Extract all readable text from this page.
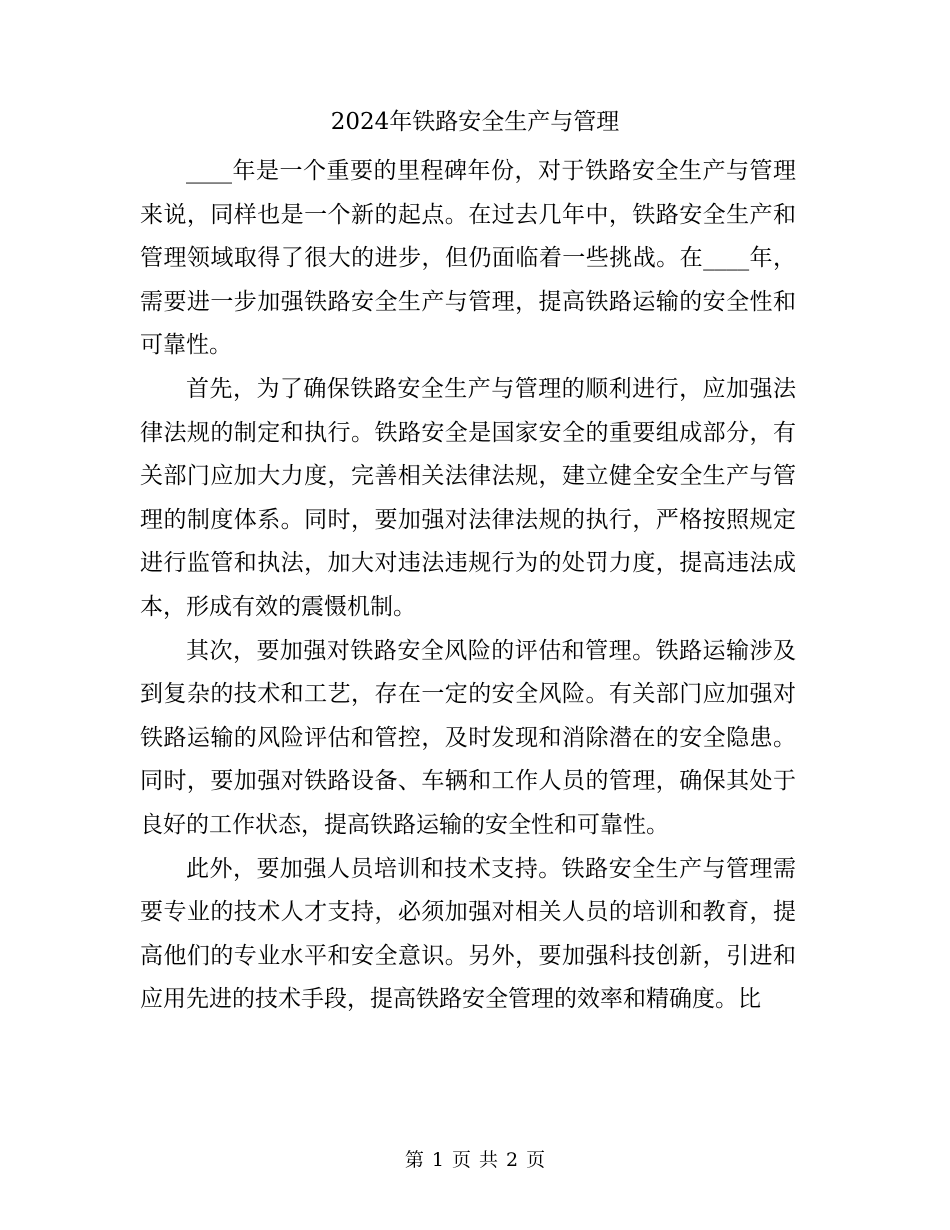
2024年铁路安全生产与管理

____年是一个重要的里程碑年份，对于铁路安全生产与管理来说，同样也是一个新的起点。在过去几年中，铁路安全生产和管理领域取得了很大的进步，但仍面临着一些挑战。在____年，需要进一步加强铁路安全生产与管理，提高铁路运输的安全性和可靠性。

首先，为了确保铁路安全生产与管理的顺利进行，应加强法律法规的制定和执行。铁路安全是国家安全的重要组成部分，有关部门应加大力度，完善相关法律法规，建立健全安全生产与管理的制度体系。同时，要加强对法律法规的执行，严格按照规定进行监管和执法，加大对违法违规行为的处罚力度，提高违法成本，形成有效的震慑机制。

其次，要加强对铁路安全风险的评估和管理。铁路运输涉及到复杂的技术和工艺，存在一定的安全风险。有关部门应加强对铁路运输的风险评估和管控，及时发现和消除潜在的安全隐患。同时，要加强对铁路设备、车辆和工作人员的管理，确保其处于良好的工作状态，提高铁路运输的安全性和可靠性。

此外，要加强人员培训和技术支持。铁路安全生产与管理需要专业的技术人才支持，必须加强对相关人员的培训和教育，提高他们的专业水平和安全意识。另外，要加强科技创新，引进和应用先进的技术手段，提高铁路安全管理的效率和精确度。比

第 1 页 共 2 页
